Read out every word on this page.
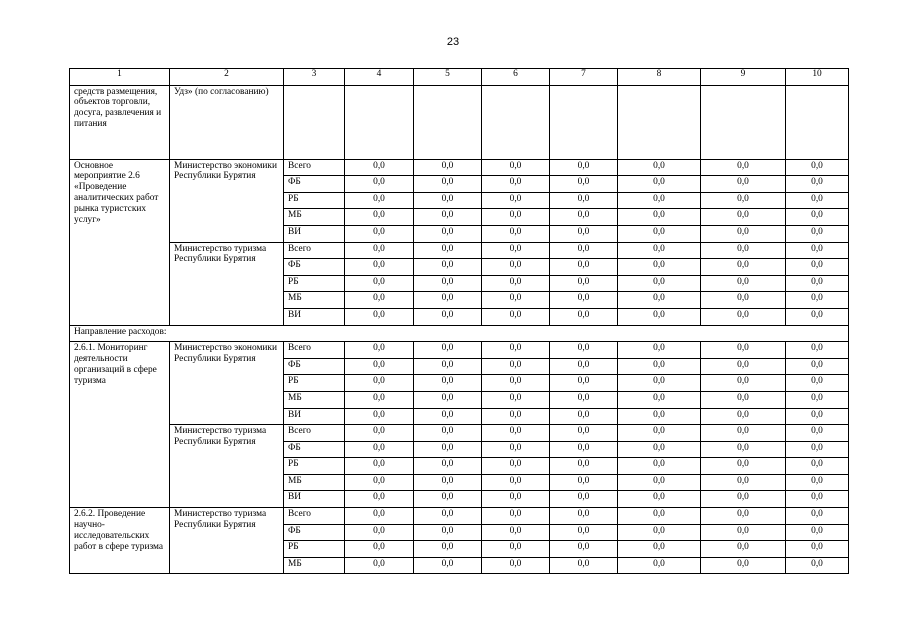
23
1	2	3	4	5	6	7	8	9	10
средств размещения, объектов торговли, досуга, развлечения и питания	Удз» (по согласованию)								
Основное мероприятие 2.6 «Проведение аналитических работ рынка туристских услуг»	Министерство экономики Республики Бурятия	Всего	0,0	0,0	0,0	0,0	0,0	0,0	0,0
		ФБ	0,0	0,0	0,0	0,0	0,0	0,0	0,0
		РБ	0,0	0,0	0,0	0,0	0,0	0,0	0,0
		МБ	0,0	0,0	0,0	0,0	0,0	0,0	0,0
		ВИ	0,0	0,0	0,0	0,0	0,0	0,0	0,0
	Министерство туризма Республики Бурятия	Всего	0,0	0,0	0,0	0,0	0,0	0,0	0,0
		ФБ	0,0	0,0	0,0	0,0	0,0	0,0	0,0
		РБ	0,0	0,0	0,0	0,0	0,0	0,0	0,0
		МБ	0,0	0,0	0,0	0,0	0,0	0,0	0,0
		ВИ	0,0	0,0	0,0	0,0	0,0	0,0	0,0
Направление расходов:									
2.6.1. Мониторинг деятельности организаций в сфере туризма	Министерство экономики Республики Бурятия	Всего	0,0	0,0	0,0	0,0	0,0	0,0	0,0
		ФБ	0,0	0,0	0,0	0,0	0,0	0,0	0,0
		РБ	0,0	0,0	0,0	0,0	0,0	0,0	0,0
		МБ	0,0	0,0	0,0	0,0	0,0	0,0	0,0
		ВИ	0,0	0,0	0,0	0,0	0,0	0,0	0,0
	Министерство туризма Республики Бурятия	Всего	0,0	0,0	0,0	0,0	0,0	0,0	0,0
		ФБ	0,0	0,0	0,0	0,0	0,0	0,0	0,0
		РБ	0,0	0,0	0,0	0,0	0,0	0,0	0,0
		МБ	0,0	0,0	0,0	0,0	0,0	0,0	0,0
		ВИ	0,0	0,0	0,0	0,0	0,0	0,0	0,0
2.6.2. Проведение научно-исследовательских работ в сфере туризма	Министерство туризма Республики Бурятия	Всего	0,0	0,0	0,0	0,0	0,0	0,0	0,0
		ФБ	0,0	0,0	0,0	0,0	0,0	0,0	0,0
		РБ	0,0	0,0	0,0	0,0	0,0	0,0	0,0
		МБ	0,0	0,0	0,0	0,0	0,0	0,0	0,0
